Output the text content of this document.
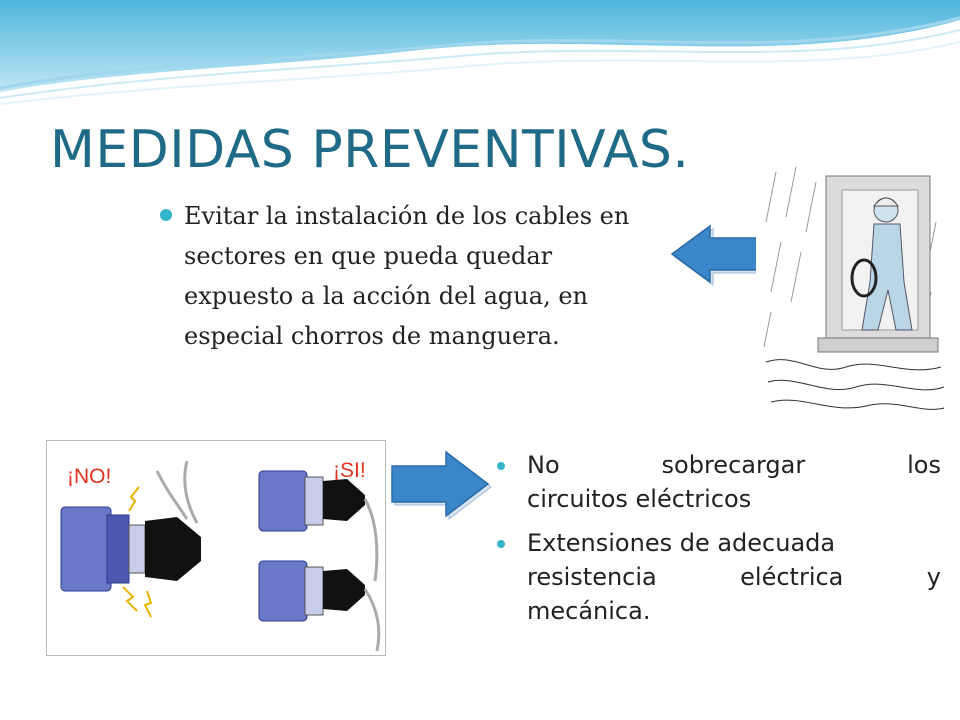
MEDIDAS PREVENTIVAS.
Evitar la instalación de los cables en sectores en que pueda quedar expuesto a la acción del agua, en especial chorros de manguera.
¡NO!	¡SI!	No	sobrecargar	los
circuitos eléctricos
Extensiones de adecuada
resistencia	eléctrica	y
mecánica.
